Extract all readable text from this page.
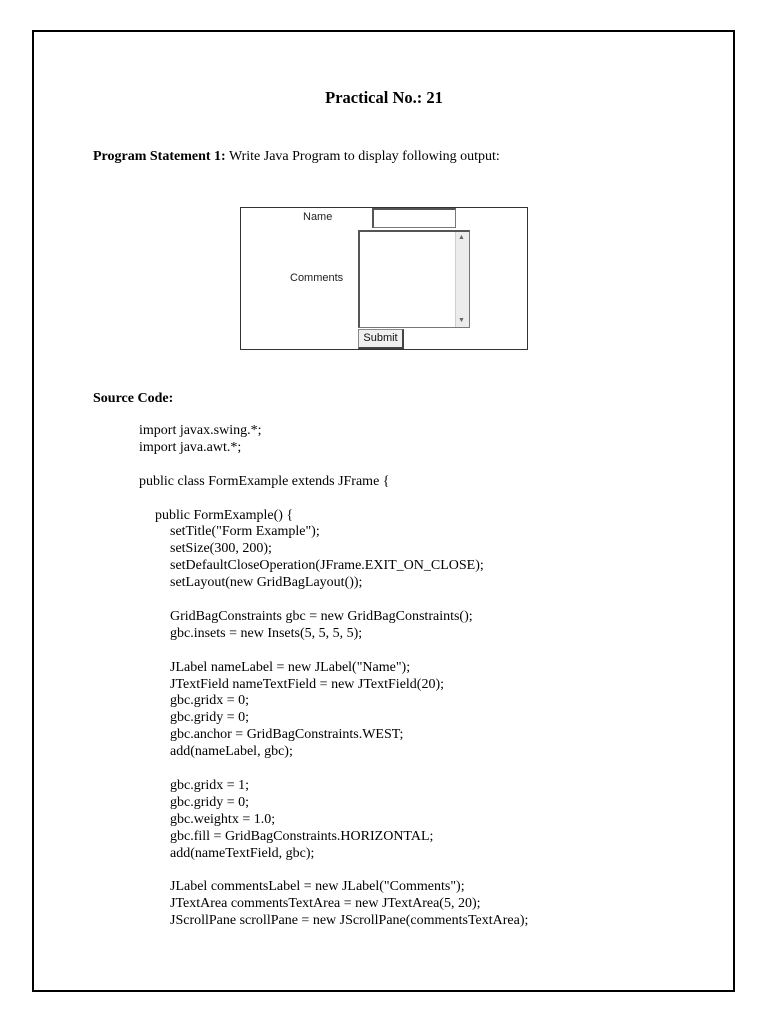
Practical No.: 21
Program Statement 1: Write Java Program to display following output:
Name
Comments
▲
▼
Submit
Source Code:
import javax.swing.*;
import java.awt.*;
public class FormExample extends JFrame {
public FormExample() {
setTitle("Form Example");
setSize(300, 200);
setDefaultCloseOperation(JFrame.EXIT_ON_CLOSE);
setLayout(new GridBagLayout());
GridBagConstraints gbc = new GridBagConstraints();
gbc.insets = new Insets(5, 5, 5, 5);
JLabel nameLabel = new JLabel("Name");
JTextField nameTextField = new JTextField(20);
gbc.gridx = 0;
gbc.gridy = 0;
gbc.anchor = GridBagConstraints.WEST;
add(nameLabel, gbc);
gbc.gridx = 1;
gbc.gridy = 0;
gbc.weightx = 1.0;
gbc.fill = GridBagConstraints.HORIZONTAL;
add(nameTextField, gbc);
JLabel commentsLabel = new JLabel("Comments");
JTextArea commentsTextArea = new JTextArea(5, 20);
JScrollPane scrollPane = new JScrollPane(commentsTextArea);
